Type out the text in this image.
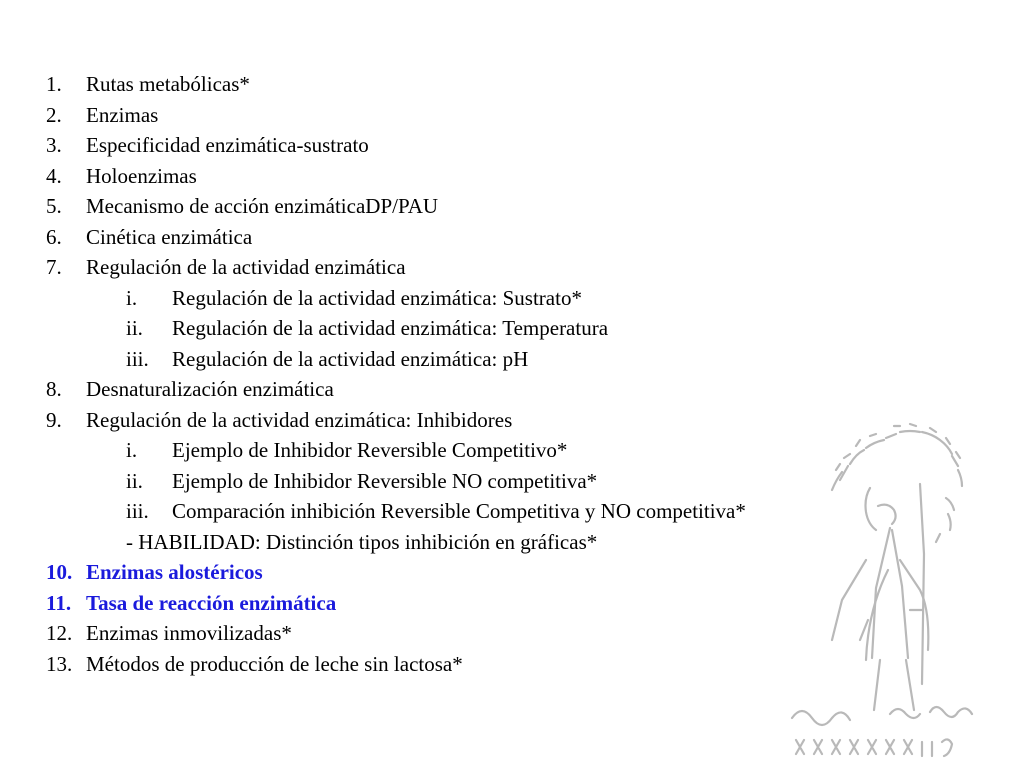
1. Rutas metabólicas*
2. Enzimas
3. Especificidad enzimática-sustrato
4. Holoenzimas
5. Mecanismo de acción enzimáticaDP/PAU
6. Cinética enzimática
7. Regulación de la actividad enzimática
i. Regulación de la actividad enzimática: Sustrato*
ii. Regulación de la actividad enzimática: Temperatura
iii. Regulación de la actividad enzimática: pH
8. Desnaturalización enzimática
9. Regulación de la actividad enzimática: Inhibidores
i. Ejemplo de Inhibidor Reversible Competitivo*
ii. Ejemplo de Inhibidor Reversible NO competitiva*
iii. Comparación inhibición Reversible Competitiva y NO competitiva*
- HABILIDAD: Distinción tipos inhibición en gráficas*
10. Enzimas alostéricos
11. Tasa de reacción enzimática
12. Enzimas inmovilizadas*
13. Métodos de producción de leche sin lactosa*
